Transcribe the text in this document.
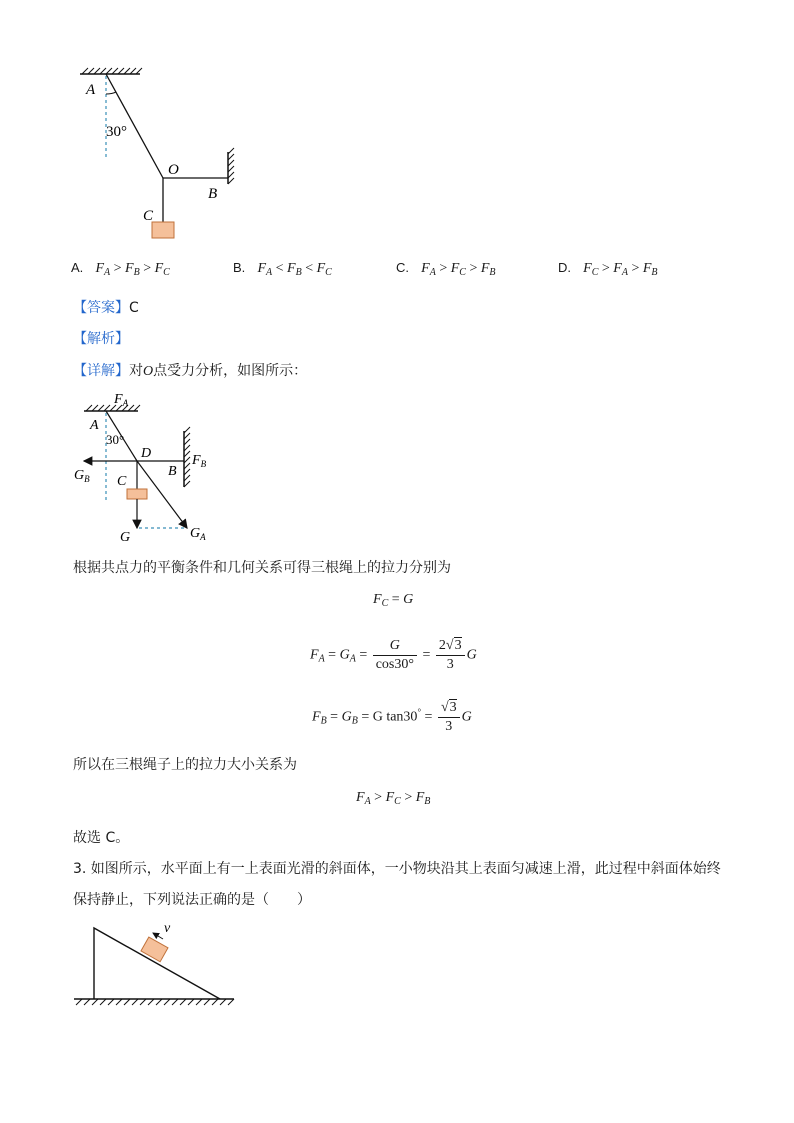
A
30°
O
B
C
A. $F_A > F_B > F_C$	B. $F_A < F_B < F_C$	C. $F_A > F_C > F_B$	D. $F_C > F_A > F_B$
【答案】C
【解析】
【详解】对O点受力分析，如图所示：
$F_A$
A
30°
D
B
$F_B$
$G_B$ C
G	$G_A$
根据共点力的平衡条件和几何关系可得三根绳上的拉力分别为
$F_C = G$
$F_A = G_A = \frac{G}{\cos 30^\circ} = \frac{2√3}{3}$ G
$F_B = G_B = G$ $\tan 30^\circ = \frac{√3}{3}$ G
所以在三根绳子上的拉力大小关系为
$F_A > F_C > F_B$
故选 C。
3. 如图所示，水平面上有一上表面光滑的斜面体，一小物块沿其上表面匀减速上滑，此过程中斜面体始终
保持静止，下列说法正确的是（　　）
v
